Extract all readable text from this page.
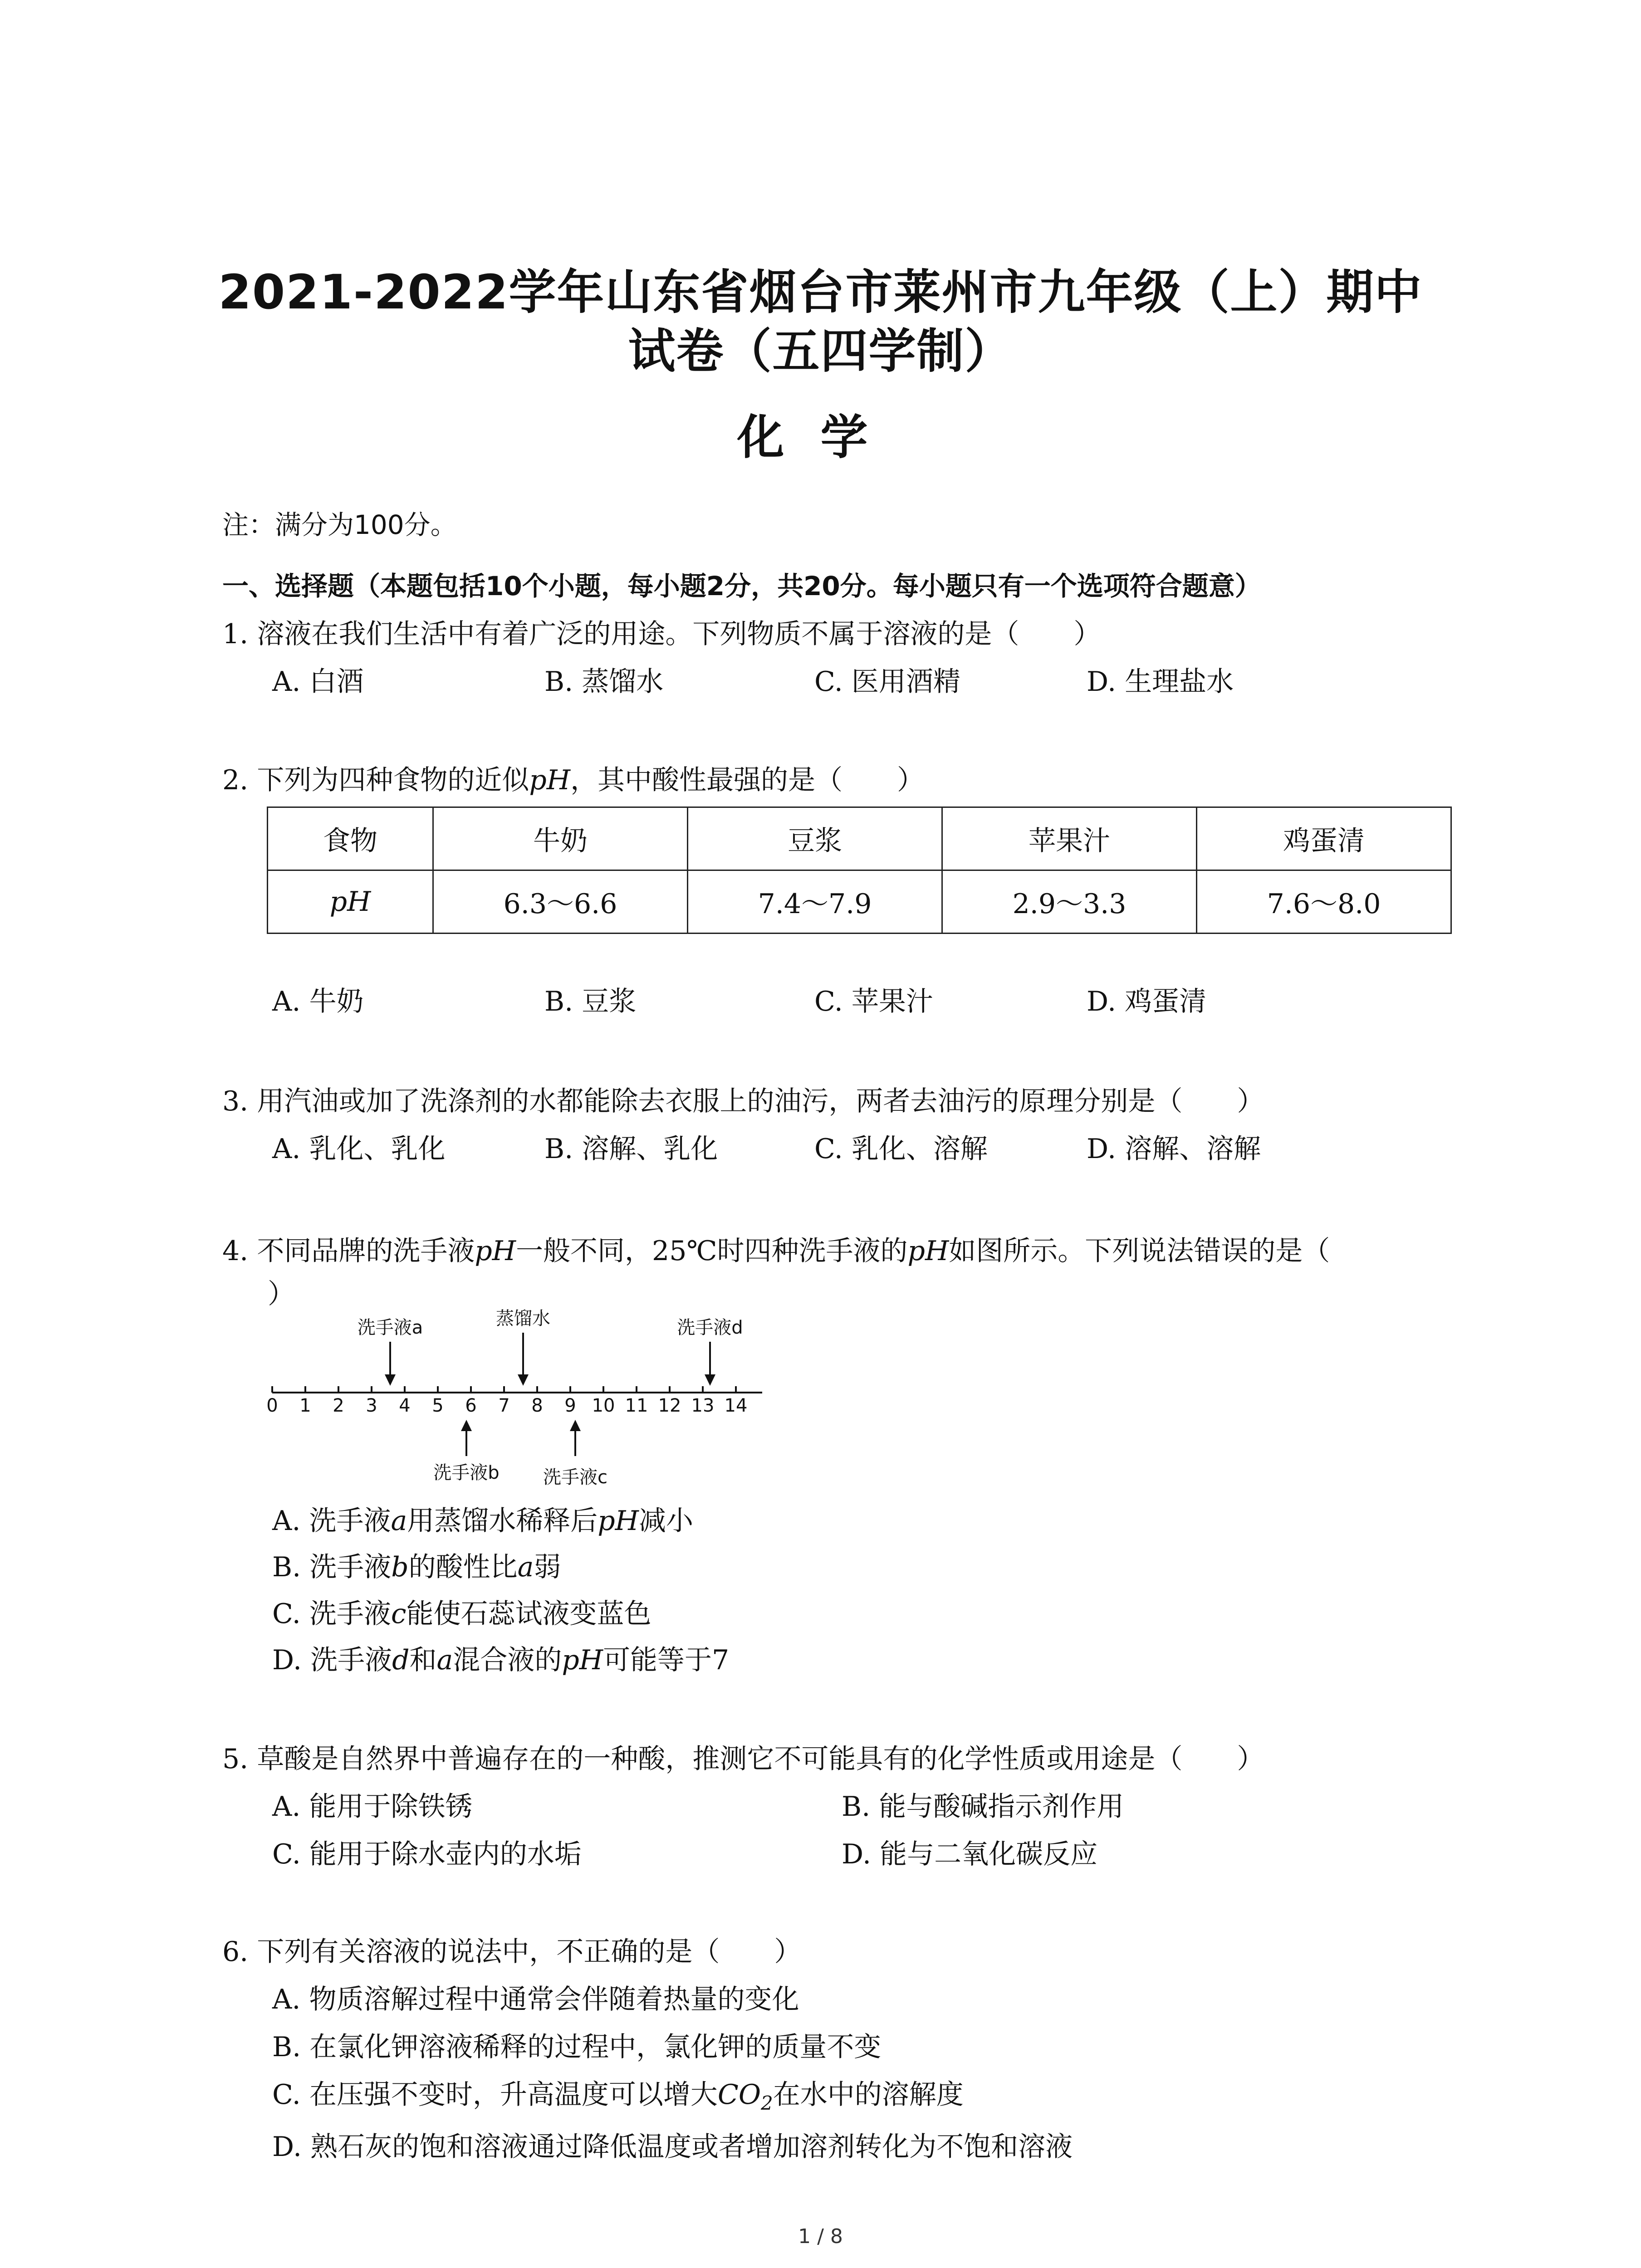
2021-2022学年山东省烟台市莱州市九年级（上）期中
试卷（五四学制）
化学
注：满分为100分。
一、选择题（本题包括10个小题，每小题2分，共20分。每小题只有一个选项符合题意）
1. 溶液在我们生活中有着广泛的用途。下列物质不属于溶液的是（　　）
A. 白酒	B. 蒸馏水	C. 医用酒精	D. 生理盐水
2. 下列为四种食物的近似pH，其中酸性最强的是（　　）
食物	牛奶	豆浆	苹果汁	鸡蛋清
pH	6.3～6.6	7.4～7.9	2.9～3.3	7.6～8.0
A. 牛奶	B. 豆浆	C. 苹果汁	D. 鸡蛋清
3. 用汽油或加了洗涤剂的水都能除去衣服上的油污，两者去油污的原理分别是（　　）
A. 乳化、乳化	B. 溶解、乳化	C. 乳化、溶解	D. 溶解、溶解
4. 不同品牌的洗手液pH一般不同，25℃时四种洗手液的pH如图所示。下列说法错误的是（
）
0 1 2 3 4 5 6 7 8 9 10 11 12 13 14
洗手液a	蒸馏水	洗手液d
洗手液b 洗手液c
A. 洗手液a用蒸馏水稀释后pH减小
B. 洗手液b的酸性比a弱
C. 洗手液c能使石蕊试液变蓝色
D. 洗手液d和a混合液的pH可能等于7
5. 草酸是自然界中普遍存在的一种酸，推测它不可能具有的化学性质或用途是（　　）
A. 能用于除铁锈	B. 能与酸碱指示剂作用
C. 能用于除水壶内的水垢	D. 能与二氧化碳反应
6. 下列有关溶液的说法中，不正确的是（　　）
A. 物质溶解过程中通常会伴随着热量的变化
B. 在氯化钾溶液稀释的过程中，氯化钾的质量不变
C. 在压强不变时，升高温度可以增大$CO_2$在水中的溶解度
D. 熟石灰的饱和溶液通过降低温度或者增加溶剂转化为不饱和溶液
1 / 8
